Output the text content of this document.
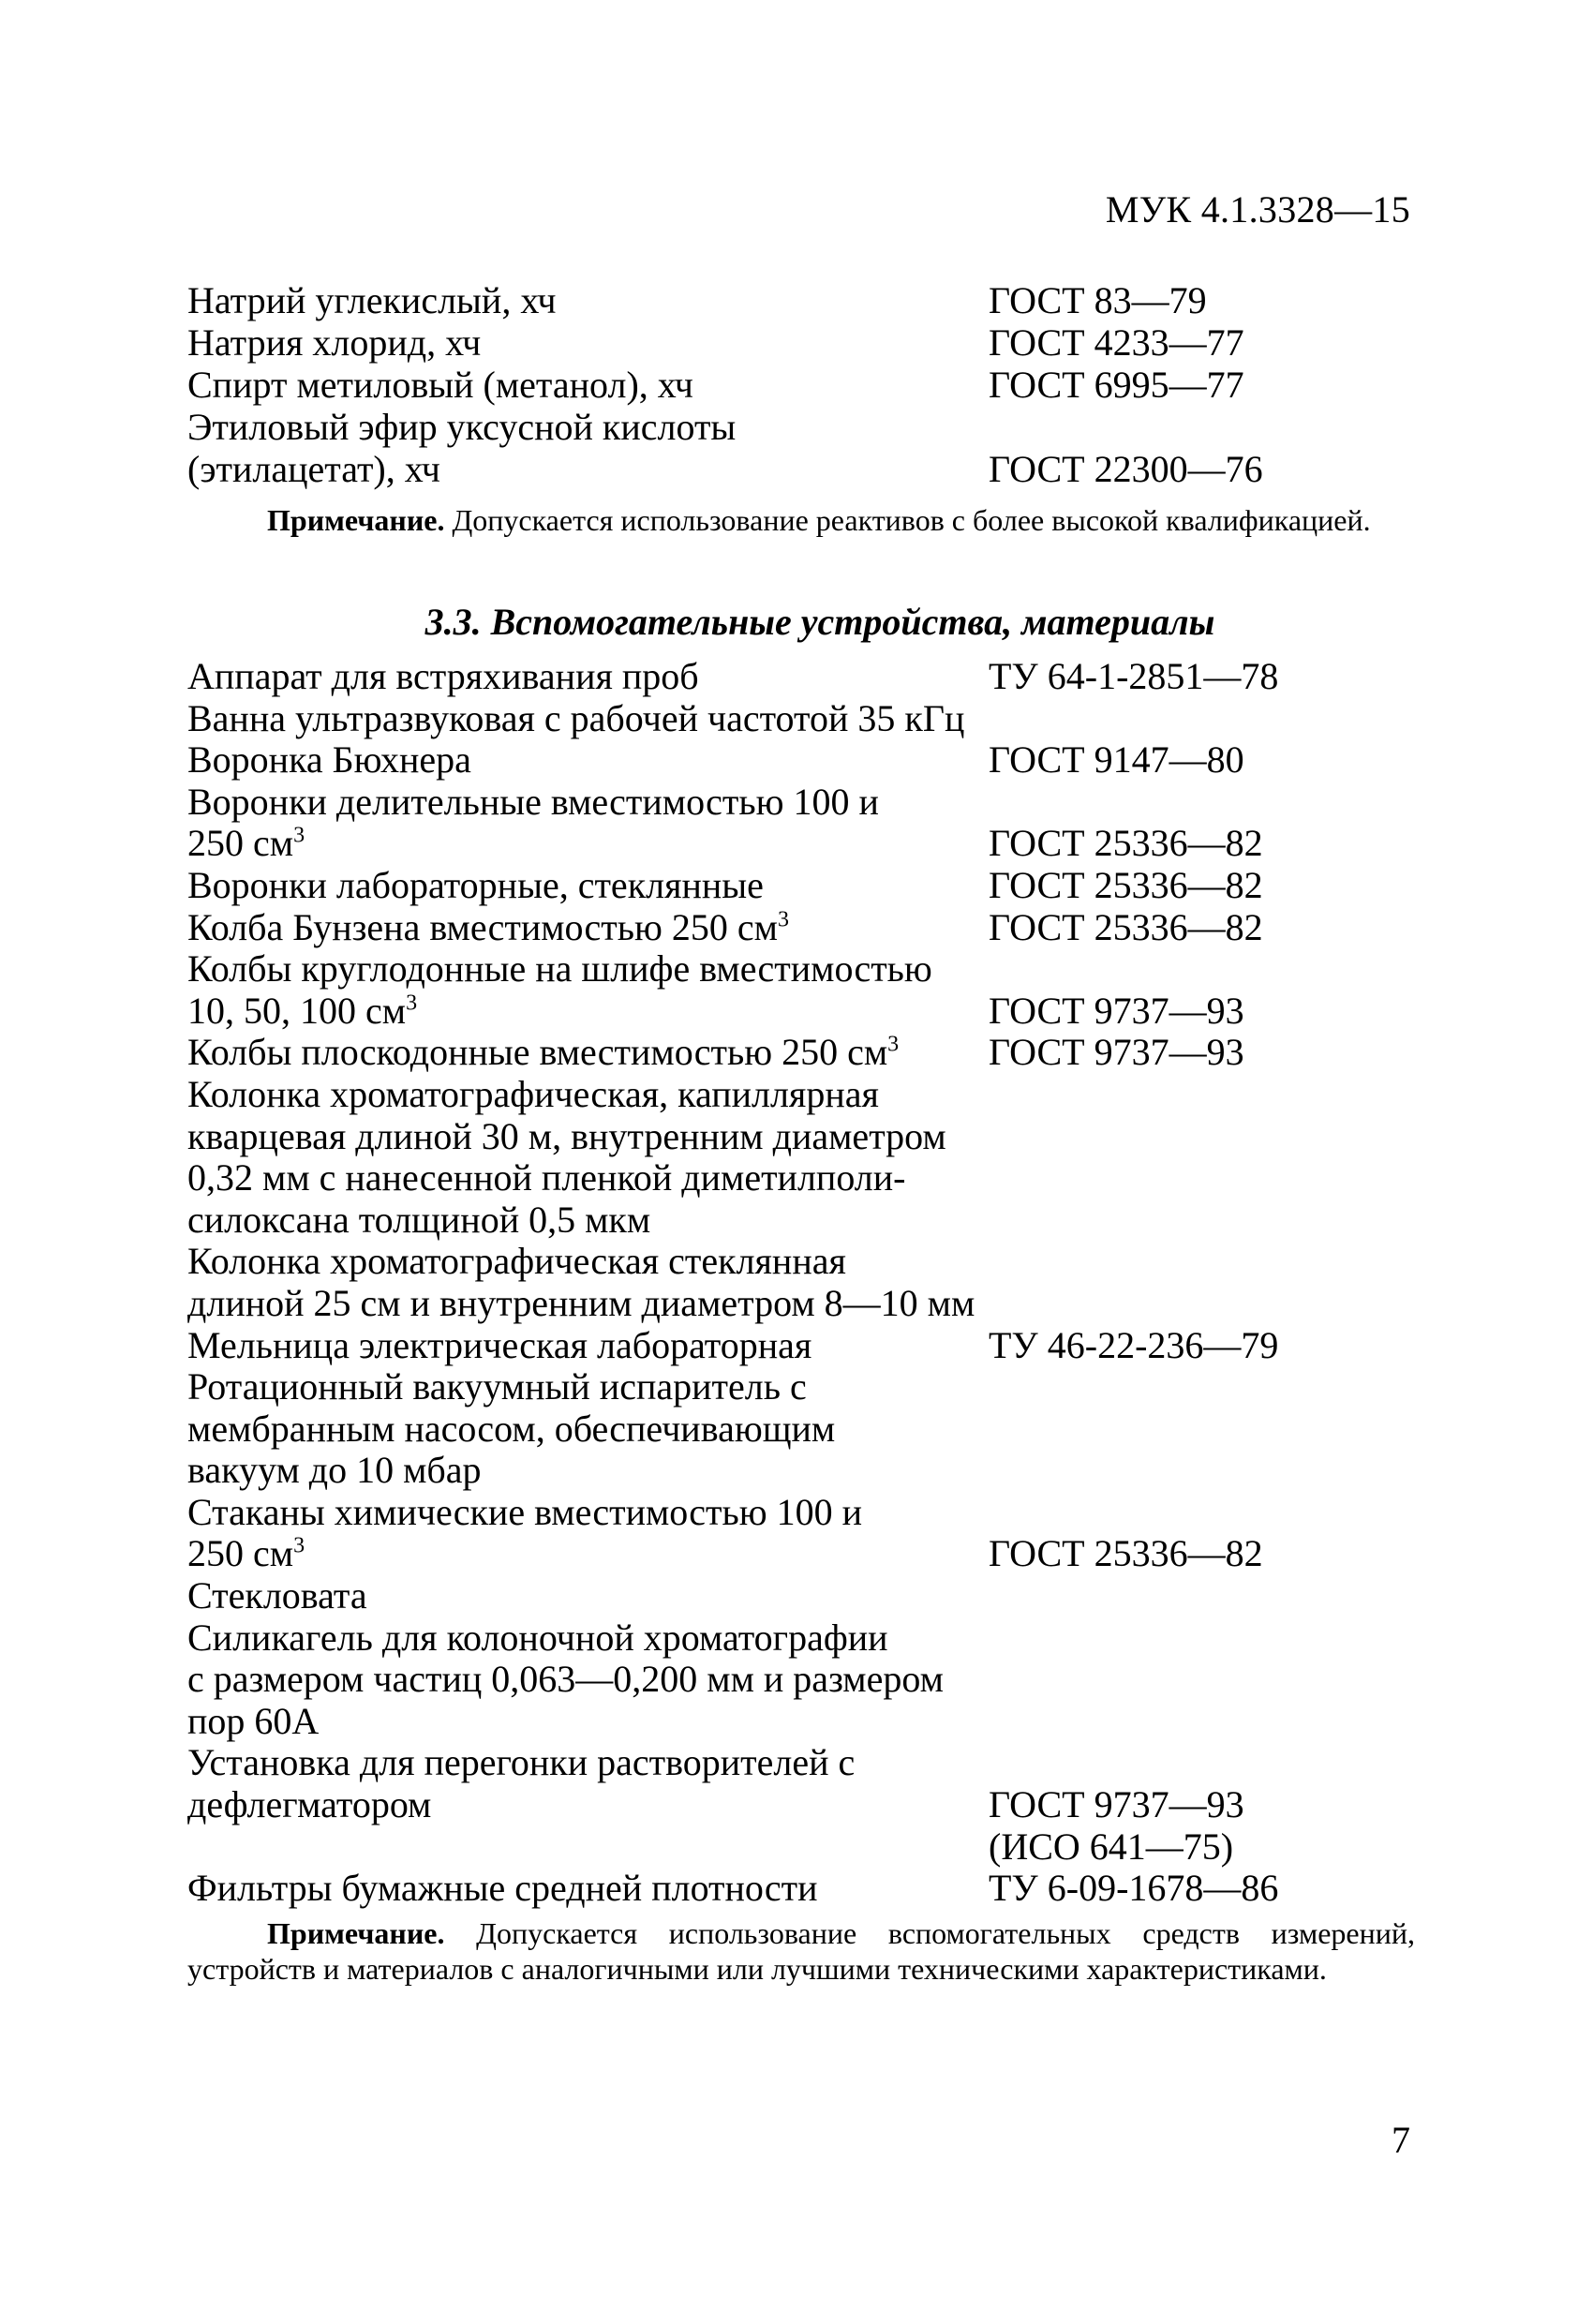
МУК 4.1.3328—15
Натрий углекислый, хч	ГОСТ 83—79
Натрия хлорид, хч	ГОСТ 4233—77
Спирт метиловый (метанол), хч	ГОСТ 6995—77
Этиловый эфир уксусной кислоты
(этилацетат), хч	ГОСТ 22300—76
Примечание. Допускается использование реактивов с более высокой квалификацией.
3.3. Вспомогательные устройства, материалы
Аппарат для встряхивания проб	ТУ 64-1-2851—78
Ванна ультразвуковая с рабочей частотой 35 кГц
Воронка Бюхнера	ГОСТ 9147—80
Воронки делительные вместимостью 100 и
250 $см^3$	ГОСТ 25336—82
Воронки лабораторные, стеклянные	ГОСТ 25336—82
Колба Бунзена вместимостью 250 $см^3$	ГОСТ 25336—82
Колбы круглодонные на шлифе вместимостью
10, 50, 100 $см^3$	ГОСТ 9737—93
Колбы плоскодонные вместимостью 250 $см^3$	ГОСТ 9737—93
Колонка хроматографическая, капиллярная
кварцевая длиной 30 м, внутренним диаметром
0,32 мм с нанесенной пленкой диметилполи-
силоксана толщиной 0,5 мкм
Колонка хроматографическая стеклянная
длиной 25 см и внутренним диаметром 8—10 мм
Мельница электрическая лабораторная	ТУ 46-22-236—79
Ротационный вакуумный испаритель с
мембранным насосом, обеспечивающим
вакуум до 10 мбар
Стаканы химические вместимостью 100 и
250 $см^3$	ГОСТ 25336—82
Стекловата
Силикагель для колоночной хроматографии
с размером частиц 0,063—0,200 мм и размером
пор 60А
Установка для перегонки растворителей с
дефлегматором	ГОСТ 9737—93
(ИСО 641—75)
Фильтры бумажные средней плотности	ТУ 6-09-1678—86
Примечание. Допускается использование вспомогательных средств измерений, устройств и материалов с аналогичными или лучшими техническими характеристиками.
7
